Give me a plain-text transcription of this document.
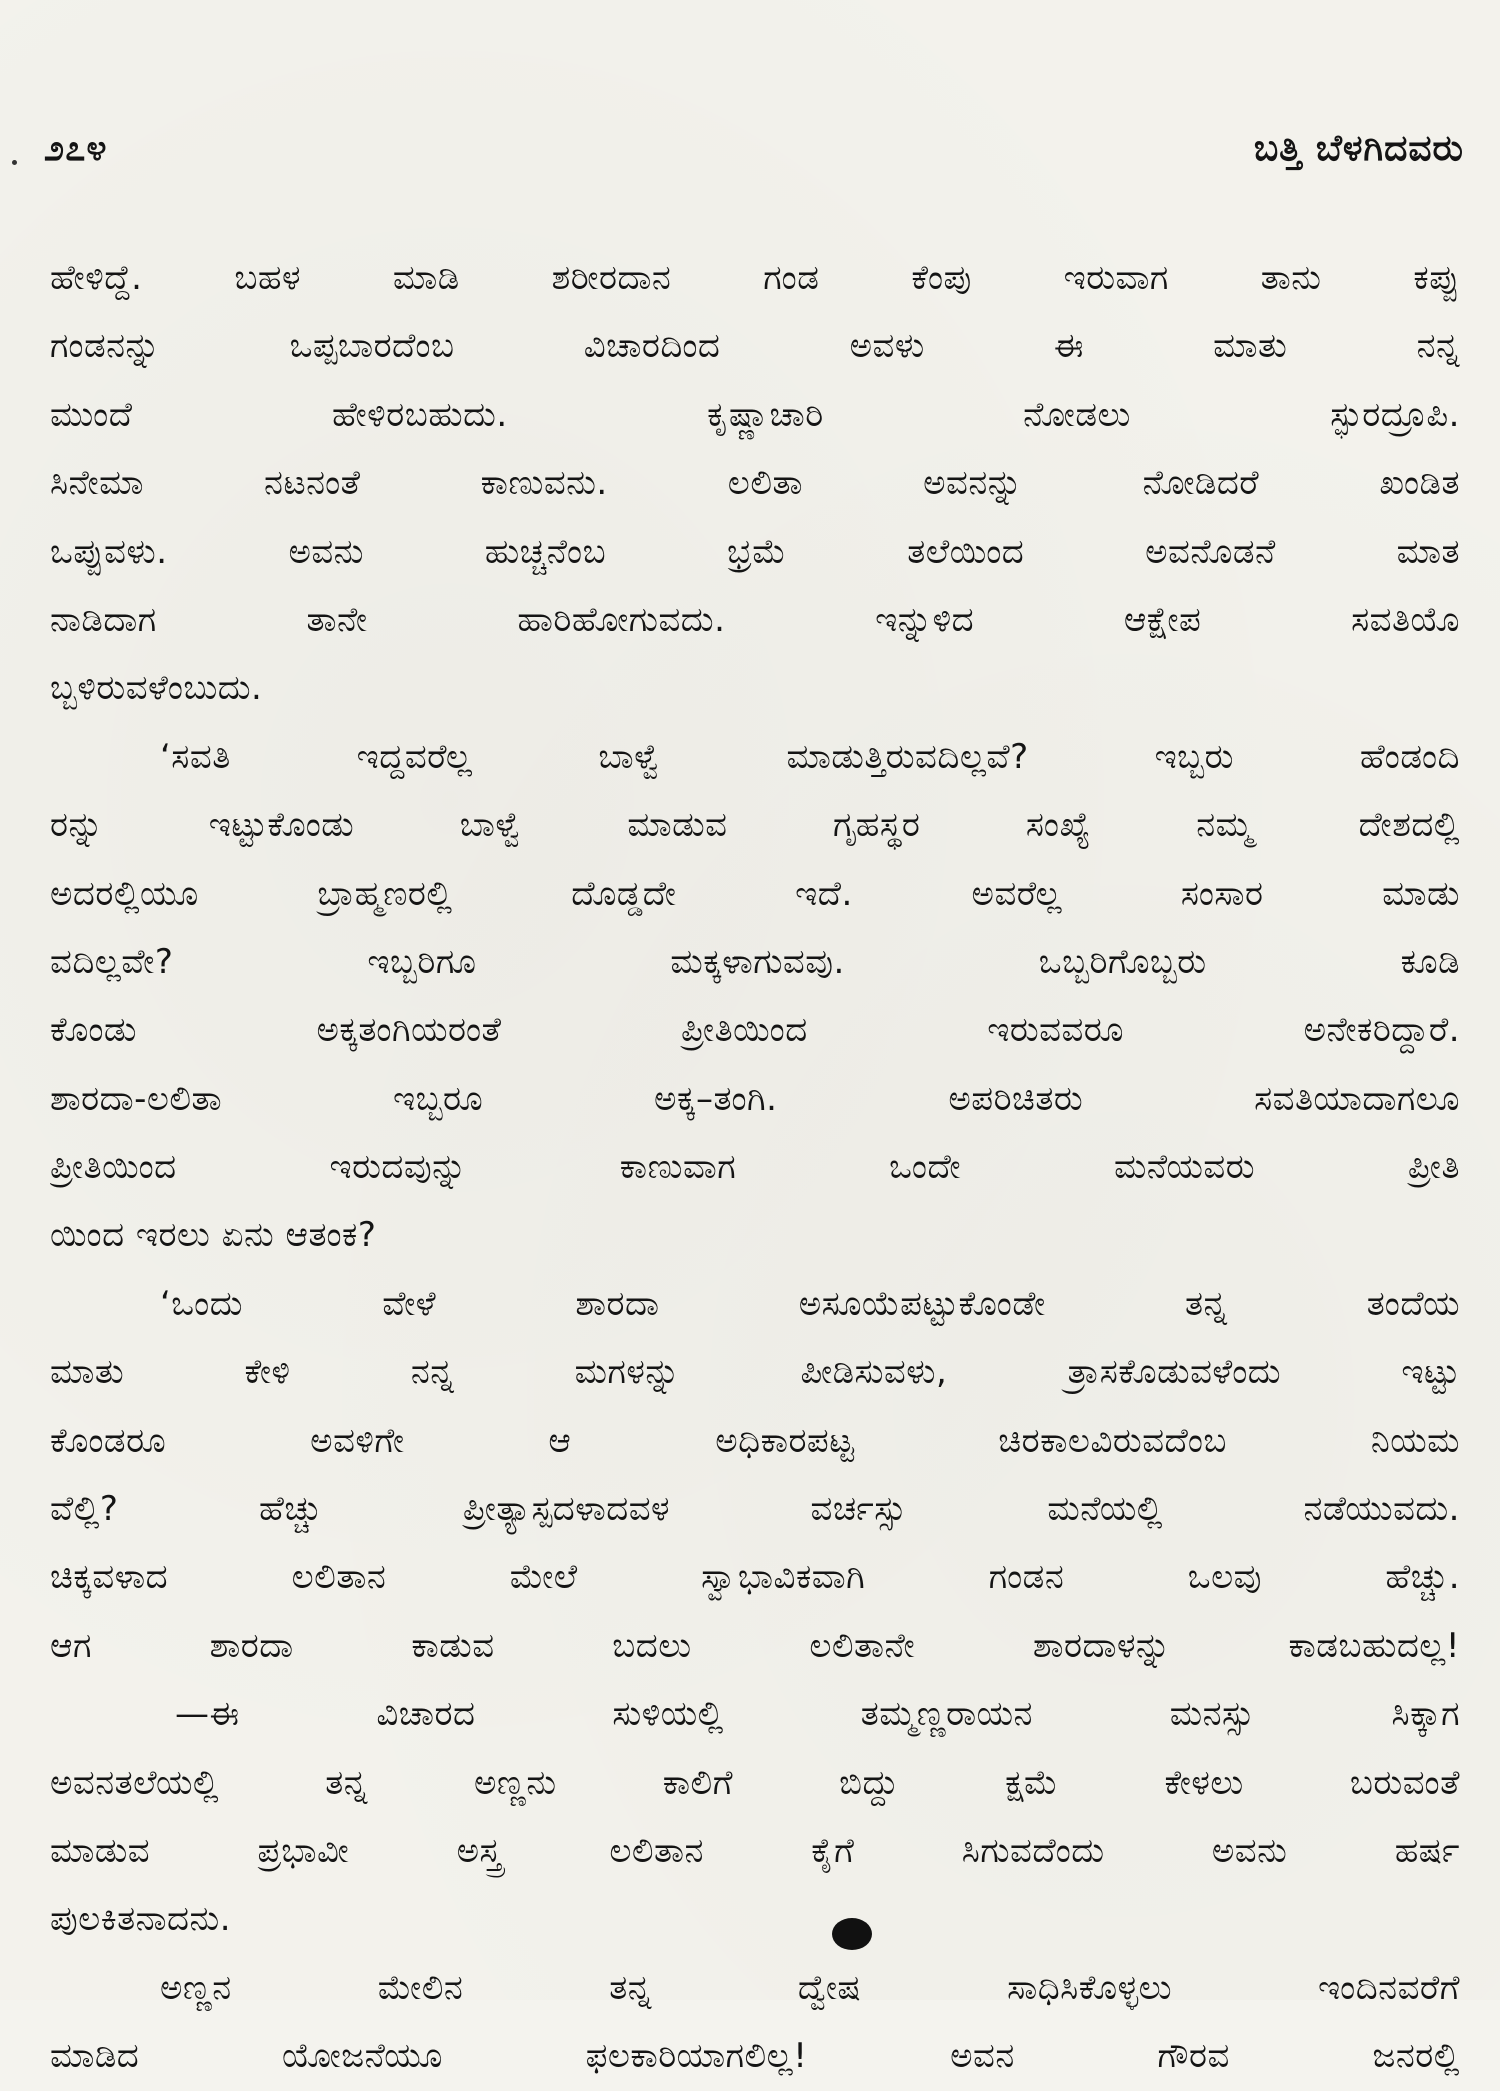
೨೭೪	ಬತ್ತಿ ಬೆಳಗಿದವರು
ಹೇಳಿದ್ದೆ. ಬಹಳ ಮಾಡಿ ಶರೀರದಾನ ಗಂಡ ಕೆಂಪು ಇರುವಾಗ ತಾನು ಕಪ್ಪು
ಗಂಡನನ್ನು ಒಪ್ಪಬಾರದೆಂಬ ವಿಚಾರದಿಂದ ಅವಳು ಈ ಮಾತು ನನ್ನ
ಮುಂದೆ ಹೇಳಿರಬಹುದು. ಕೃಷ್ಣಾಚಾರಿ ನೋಡಲು ಸ್ಫುರದ್ರೂಪಿ.
ಸಿನೇಮಾ ನಟನಂತೆ ಕಾಣುವನು. ಲಲಿತಾ ಅವನನ್ನು ನೋಡಿದರೆ ಖಂಡಿತ
ಒಪ್ಪುವಳು. ಅವನು ಹುಚ್ಚನೆಂಬ ಭ್ರಮೆ ತಲೆಯಿಂದ ಅವನೊಡನೆ ಮಾತ
ನಾಡಿದಾಗ ತಾನೇ ಹಾರಿಹೋಗುವದು. ಇನ್ನುಳಿದ ಆಕ್ಷೇಪ ಸವತಿಯೊ
ಬ್ಬಳಿರುವಳೆಂಬುದು.
‘ಸವತಿ ಇದ್ದವರೆಲ್ಲ ಬಾಳ್ವೆ ಮಾಡುತ್ತಿರುವದಿಲ್ಲವೆ? ಇಬ್ಬರು ಹೆಂಡಂದಿ
ರನ್ನು ಇಟ್ಟುಕೊಂಡು ಬಾಳ್ವೆ ಮಾಡುವ ಗೃಹಸ್ಥರ ಸಂಖ್ಯೆ ನಮ್ಮ ದೇಶದಲ್ಲಿ
ಅದರಲ್ಲಿಯೂ ಬ್ರಾಹ್ಮಣರಲ್ಲಿ ದೊಡ್ಡದೇ ಇದೆ. ಅವರೆಲ್ಲ ಸಂಸಾರ ಮಾಡು
ವದಿಲ್ಲವೇ? ಇಬ್ಬರಿಗೂ ಮಕ್ಕಳಾಗುವವು. ಒಬ್ಬರಿಗೊಬ್ಬರು ಕೂಡಿ
ಕೊಂಡು ಅಕ್ಕತಂಗಿಯರಂತೆ ಪ್ರೀತಿಯಿಂದ ಇರುವವರೂ ಅನೇಕರಿದ್ದಾರೆ.
ಶಾರದಾ-ಲಲಿತಾ ಇಬ್ಬರೂ ಅಕ್ಕ–ತಂಗಿ. ಅಪರಿಚಿತರು ಸವತಿಯಾದಾಗಲೂ
ಪ್ರೀತಿಯಿಂದ ಇರುದವುನ್ನು ಕಾಣುವಾಗ ಒಂದೇ ಮನೆಯವರು ಪ್ರೀತಿ
ಯಿಂದ ಇರಲು ಏನು ಆತಂಕ?
‘ಒಂದು ವೇಳೆ ಶಾರದಾ ಅಸೂಯೆಪಟ್ಟುಕೊಂಡೇ ತನ್ನ ತಂದೆಯ
ಮಾತು ಕೇಳಿ ನನ್ನ ಮಗಳನ್ನು ಪೀಡಿಸುವಳು, ತ್ರಾಸಕೊಡುವಳೆಂದು ಇಟ್ಟು
ಕೊಂಡರೂ ಅವಳಿಗೇ ಆ ಅಧಿಕಾರಪಟ್ಟ ಚಿರಕಾಲವಿರುವದೆಂಬ ನಿಯಮ
ವೆಲ್ಲಿ? ಹೆಚ್ಚು ಪ್ರೀತ್ಯಾಸ್ಪದಳಾದವಳ ವರ್ಚಸ್ಸು ಮನೆಯಲ್ಲಿ ನಡೆಯುವದು.
ಚಿಕ್ಕವಳಾದ ಲಲಿತಾನ ಮೇಲೆ ಸ್ವಾಭಾವಿಕವಾಗಿ ಗಂಡನ ಒಲವು ಹೆಚ್ಚು.
ಆಗ ಶಾರದಾ ಕಾಡುವ ಬದಲು ಲಲಿತಾನೇ ಶಾರದಾಳನ್ನು ಕಾಡಬಹುದಲ್ಲ!
—ಈ ವಿಚಾರದ ಸುಳಿಯಲ್ಲಿ ತಮ್ಮಣ್ಣರಾಯನ ಮನಸ್ಸು ಸಿಕ್ಕಾಗ
ಅವನತಲೆಯಲ್ಲಿ ತನ್ನ ಅಣ್ಣನು ಕಾಲಿಗೆ ಬಿದ್ದು ಕ್ಷಮೆ ಕೇಳಲು ಬರುವಂತೆ
ಮಾಡುವ ಪ್ರಭಾವೀ ಅಸ್ತ್ರ ಲಲಿತಾನ ಕೈಗೆ ಸಿಗುವದೆಂದು ಅವನು ಹರ್ಷ
ಪುಲಕಿತನಾದನು.
ಅಣ್ಣನ ಮೇಲಿನ ತನ್ನ ದ್ವೇಷ ಸಾಧಿಸಿಕೊಳ್ಳಲು ಇಂದಿನವರೆಗೆ
ಮಾಡಿದ ಯೋಜನೆಯೂ ಫಲಕಾರಿಯಾಗಲಿಲ್ಲ! ಅವನ ಗೌರವ ಜನರಲ್ಲಿ
